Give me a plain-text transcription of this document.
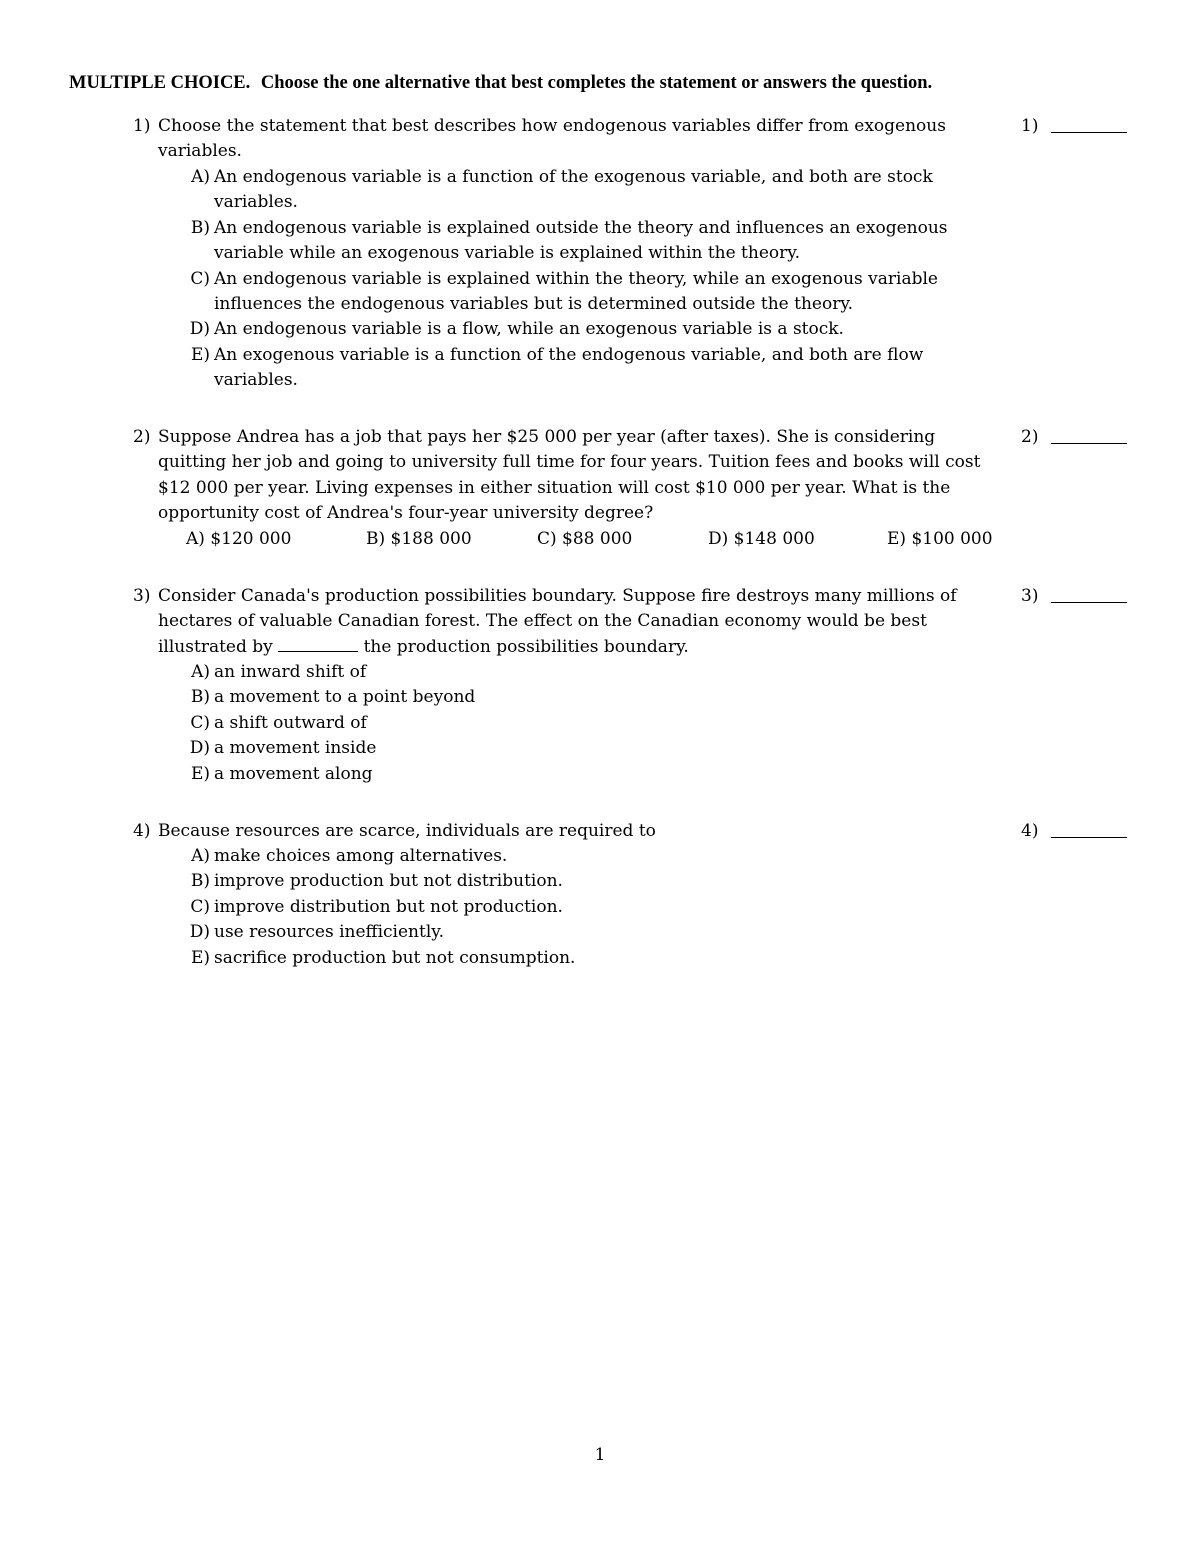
MULTIPLE CHOICE. Choose the one alternative that best completes the statement or answers the question.
1) Choose the statement that best describes how endogenous variables differ from exogenous variables.
1)
A) An endogenous variable is a function of the exogenous variable, and both are stock variables.
B) An endogenous variable is explained outside the theory and influences an exogenous variable while an exogenous variable is explained within the theory.
C) An endogenous variable is explained within the theory, while an exogenous variable influences the endogenous variables but is determined outside the theory.
D) An endogenous variable is a flow, while an exogenous variable is a stock.
E) An exogenous variable is a function of the endogenous variable, and both are flow variables.
2) Suppose Andrea has a job that pays her $25 000 per year (after taxes). She is considering quitting her job and going to university full time for four years. Tuition fees and books will cost $12 000 per year. Living expenses in either situation will cost $10 000 per year. What is the opportunity cost of Andrea's four-year university degree?
2)
A) $120 000	B) $188 000	C) $88 000	D) $148 000	E) $100 000
3) Consider Canada's production possibilities boundary. Suppose fire destroys many millions of hectares of valuable Canadian forest. The effect on the Canadian economy would be best illustrated by	the production possibilities boundary.
3)
A) an inward shift of
B) a movement to a point beyond
C) a shift outward of
D) a movement inside
E) a movement along
4) Because resources are scarce, individuals are required to	4)
A) make choices among alternatives.
B) improve production but not distribution.
C) improve distribution but not production.
D) use resources inefficiently.
E) sacrifice production but not consumption.
1
